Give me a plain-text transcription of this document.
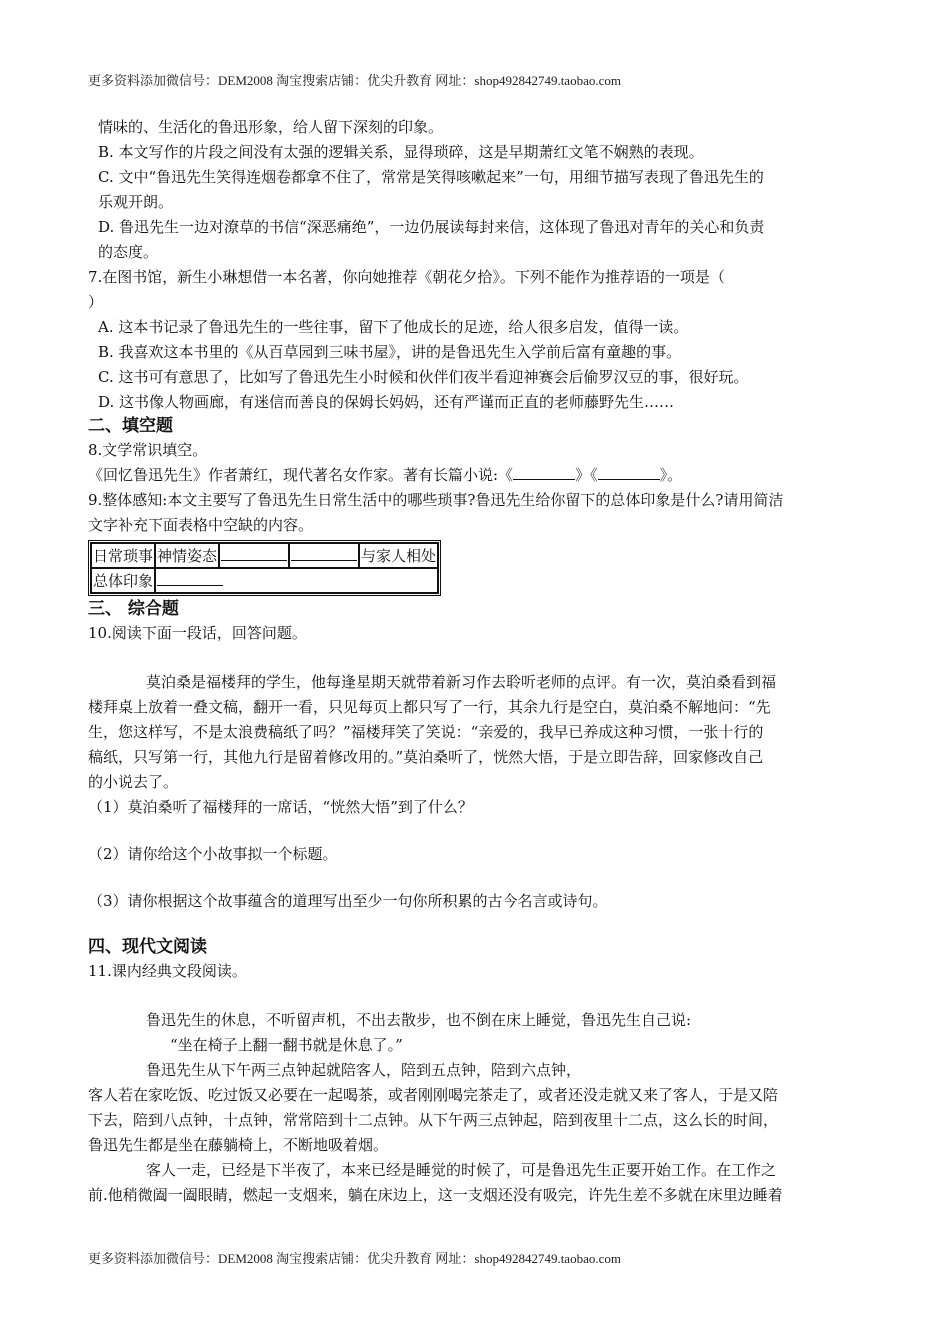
更多资料添加微信号：DEM2008 淘宝搜索店铺：优尖升教育 网址：shop492842749.taobao.com
情味的、生活化的鲁迅形象，给人留下深刻的印象。
B. 本文写作的片段之间没有太强的逻辑关系，显得琐碎，这是早期萧红文笔不娴熟的表现。
C. 文中“鲁迅先生笑得连烟卷都拿不住了，常常是笑得咳嗽起来”一句，用细节描写表现了鲁迅先生的
乐观开朗。
D. 鲁迅先生一边对潦草的书信“深恶痛绝”，一边仍展读每封来信，这体现了鲁迅对青年的关心和负责
的态度。
7.在图书馆，新生小琳想借一本名著，你向她推荐《朝花夕拾》。下列不能作为推荐语的一项是（
）
A. 这本书记录了鲁迅先生的一些往事，留下了他成长的足迹，给人很多启发，值得一读。
B. 我喜欢这本书里的《从百草园到三味书屋》，讲的是鲁迅先生入学前后富有童趣的事。
C. 这书可有意思了，比如写了鲁迅先生小时候和伙伴们夜半看迎神赛会后偷罗汉豆的事，很好玩。
D. 这书像人物画廊，有迷信而善良的保姆长妈妈，还有严谨而正直的老师藤野先生……
二、填空题
8.文学常识填空。
《回忆鲁迅先生》作者萧红，现代著名女作家。著有长篇小说:《	》《	》。
9.整体感知:本文主要写了鲁迅先生日常生活中的哪些琐事?鲁迅先生给你留下的总体印象是什么?请用简洁
文字补充下面表格中空缺的内容。
日常琐事	神情姿态			与家人相处
总体印象				
三、 综合题
10.阅读下面一段话，回答问题。
莫泊桑是福楼拜的学生，他每逢星期天就带着新习作去聆听老师的点评。有一次，莫泊桑看到福
楼拜桌上放着一叠文稿，翻开一看，只见每页上都只写了一行，其余九行是空白，莫泊桑不解地问：“先
生，您这样写，不是太浪费稿纸了吗？”福楼拜笑了笑说：“亲爱的，我早已养成这种习惯，一张十行的
稿纸，只写第一行，其他九行是留着修改用的。”莫泊桑听了，恍然大悟，于是立即告辞，回家修改自己
的小说去了。
（1）莫泊桑听了福楼拜的一席话，“恍然大悟”到了什么？
（2）请你给这个小故事拟一个标题。
（3）请你根据这个故事蕴含的道理写出至少一句你所积累的古今名言或诗句。
四、现代文阅读
11.课内经典文段阅读。
鲁迅先生的休息，不听留声机，不出去散步，也不倒在床上睡觉，鲁迅先生自己说:
“坐在椅子上翻一翻书就是休息了。”
鲁迅先生从下午两三点钟起就陪客人，陪到五点钟，陪到六点钟，
客人若在家吃饭、吃过饭又必要在一起喝茶，或者刚刚喝完茶走了，或者还没走就又来了客人，于是又陪
下去，陪到八点钟，十点钟，常常陪到十二点钟。从下午两三点钟起，陪到夜里十二点，这么长的时间，
鲁迅先生都是坐在藤躺椅上，不断地吸着烟。
客人一走，已经是下半夜了，本来已经是睡觉的时候了，可是鲁迅先生正要开始工作。在工作之
前.他稍微阖一阖眼睛，燃起一支烟来，躺在床边上，这一支烟还没有吸完，许先生差不多就在床里边睡着
更多资料添加微信号：DEM2008 淘宝搜索店铺：优尖升教育 网址：shop492842749.taobao.com
